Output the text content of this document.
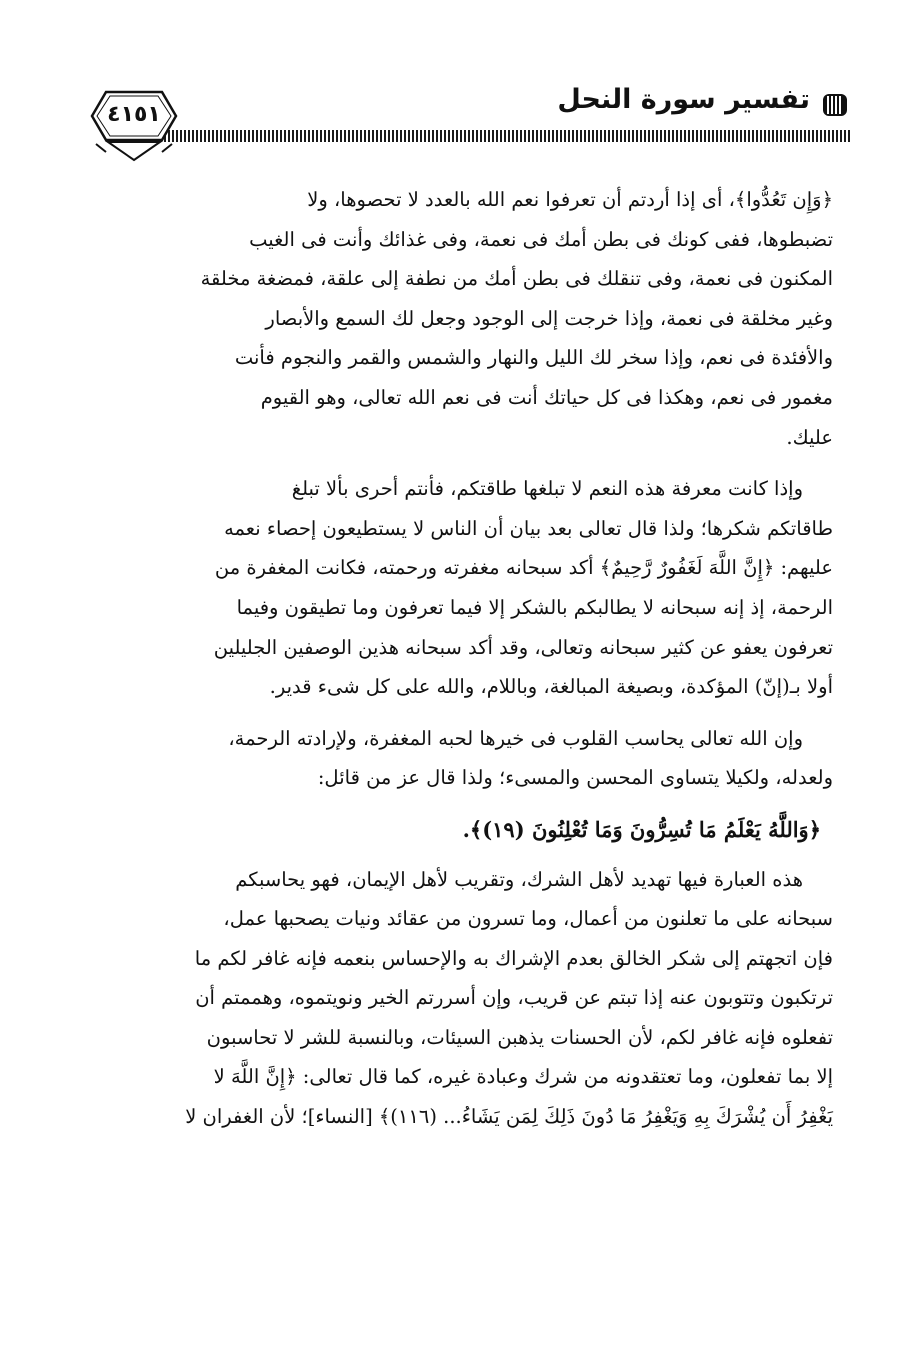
تفسير سورة النحل
٤١٥١
﴿وَإِن تَعُدُّوا﴾، أى إذا أردتم أن تعرفوا نعم الله بالعدد لا تحصوها، ولا
تضبطوها، ففى كونك فى بطن أمك فى نعمة، وفى غذائك وأنت فى الغيب
المكنون فى نعمة، وفى تنقلك فى بطن أمك من نطفة إلى علقة، فمضغة مخلقة
وغير مخلقة فى نعمة، وإذا خرجت إلى الوجود وجعل لك السمع والأبصار
والأفئدة فى نعم، وإذا سخر لك الليل والنهار والشمس والقمر والنجوم فأنت
مغمور فى نعم، وهكذا فى كل حياتك أنت فى نعم الله تعالى، وهو القيوم
عليك.
وإذا كانت معرفة هذه النعم لا تبلغها طاقتكم، فأنتم أحرى بألا تبلغ
طاقاتكم شكرها؛ ولذا قال تعالى بعد بيان أن الناس لا يستطيعون إحصاء نعمه
عليهم: ﴿إِنَّ اللَّهَ لَغَفُورٌ رَّحِيمٌ﴾ أكد سبحانه مغفرته ورحمته، فكانت المغفرة من
الرحمة، إذ إنه سبحانه لا يطالبكم بالشكر إلا فيما تعرفون وما تطيقون وفيما
تعرفون يعفو عن كثير سبحانه وتعالى، وقد أكد سبحانه هذين الوصفين الجليلين
أولا بـ(إنّ) المؤكدة، وبصيغة المبالغة، وباللام، والله على كل شىء قدير.
وإن الله تعالى يحاسب القلوب فى خيرها لحبه المغفرة، ولإرادته الرحمة،
ولعدله، ولكيلا يتساوى المحسن والمسىء؛ ولذا قال عز من قائل:
﴿وَاللَّهُ يَعْلَمُ مَا تُسِرُّونَ وَمَا تُعْلِنُونَ (١٩)﴾.
هذه العبارة فيها تهديد لأهل الشرك، وتقريب لأهل الإيمان، فهو يحاسبكم
سبحانه على ما تعلنون من أعمال، وما تسرون من عقائد ونيات يصحبها عمل،
فإن اتجهتم إلى شكر الخالق بعدم الإشراك به والإحساس بنعمه فإنه غافر لكم ما
ترتكبون وتتوبون عنه إذا تبتم عن قريب، وإن أسررتم الخير ونويتموه، وهممتم أن
تفعلوه فإنه غافر لكم، لأن الحسنات يذهبن السيئات، وبالنسبة للشر لا تحاسبون
إلا بما تفعلون، وما تعتقدونه من شرك وعبادة غيره، كما قال تعالى: ﴿إِنَّ اللَّهَ لا
يَغْفِرُ أَن يُشْرَكَ بِهِ وَيَغْفِرُ مَا دُونَ ذَلِكَ لِمَن يَشَاءُ... (١١٦)﴾ [النساء]؛ لأن الغفران لا
